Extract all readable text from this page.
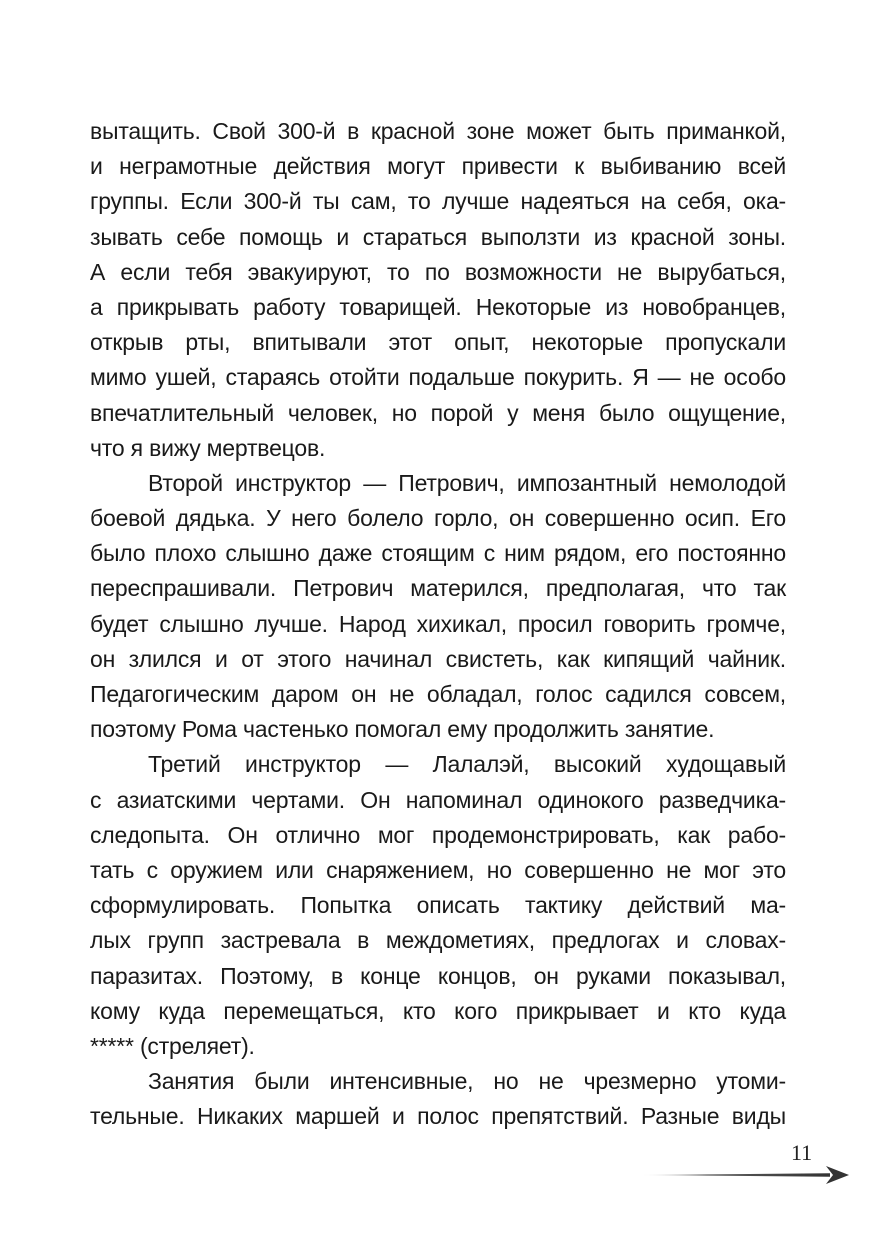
вытащить. Свой 300-й в красной зоне может быть приманкой,
и неграмотные действия могут привести к выбиванию всей
группы. Если 300-й ты сам, то лучше надеяться на себя, ока-
зывать себе помощь и стараться выползти из красной зоны.
А если тебя эвакуируют, то по возможности не вырубаться,
а прикрывать работу товарищей. Некоторые из новобранцев,
открыв рты, впитывали этот опыт, некоторые пропускали
мимо ушей, стараясь отойти подальше покурить. Я — не особо
впечатлительный человек, но порой у меня было ощущение,
что я вижу мертвецов.
Второй инструктор — Петрович, импозантный немолодой
боевой дядька. У него болело горло, он совершенно осип. Его
было плохо слышно даже стоящим с ним рядом, его постоянно
переспрашивали. Петрович матерился, предполагая, что так
будет слышно лучше. Народ хихикал, просил говорить громче,
он злился и от этого начинал свистеть, как кипящий чайник.
Педагогическим даром он не обладал, голос садился совсем,
поэтому Рома частенько помогал ему продолжить занятие.
Третий инструктор — Лалалэй, высокий худощавый
с азиатскими чертами. Он напоминал одинокого разведчика-
следопыта. Он отлично мог продемонстрировать, как рабо-
тать с оружием или снаряжением, но совершенно не мог это
сформулировать. Попытка описать тактику действий ма-
лых групп застревала в междометиях, предлогах и словах-
паразитах. Поэтому, в конце концов, он руками показывал,
кому куда перемещаться, кто кого прикрывает и кто куда
***** (стреляет).
Занятия были интенсивные, но не чрезмерно утоми-
тельные. Никаких маршей и полос препятствий. Разные виды
11
